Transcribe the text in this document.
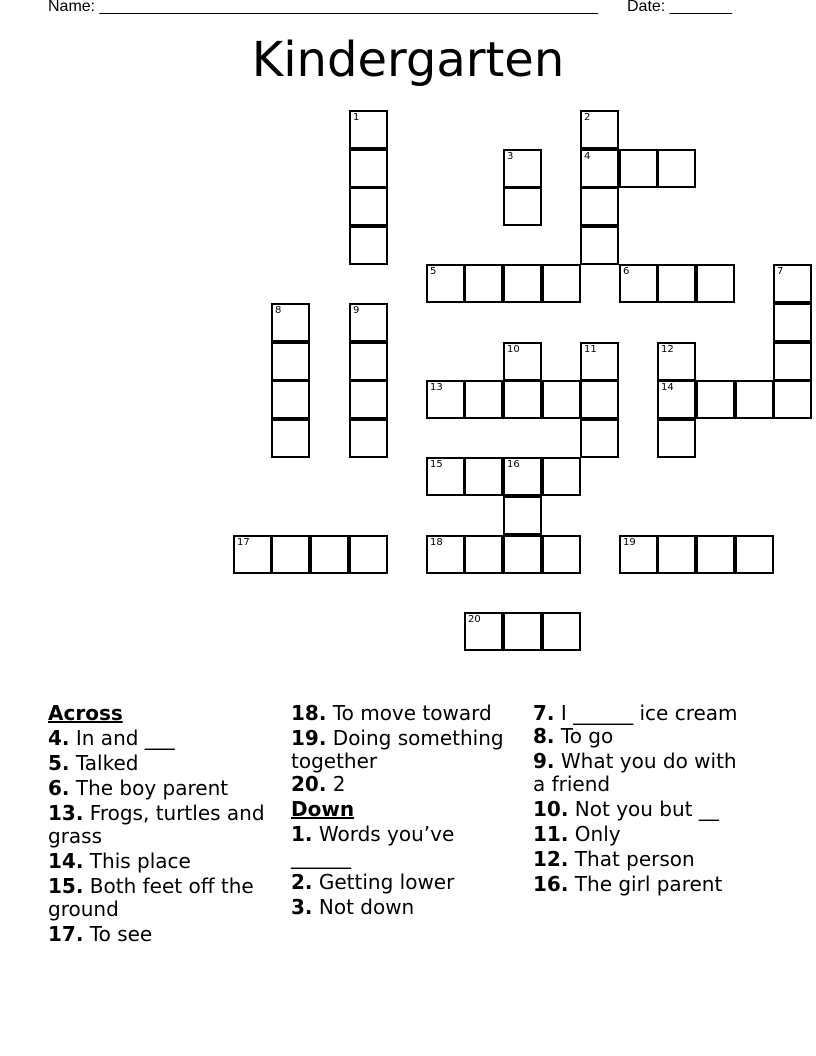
Name: ________________________________________________________ Date: _______
Kindergarten
1	2
4
3
5	6	7
8	9
10	11	12
13	14
15	16
17	18	19
20
Across
4. In and ___
5. Talked
6. The boy parent
13. Frogs, turtles and grass
14. This place
15. Both feet off the ground
17. To see
18. To move toward
19. Doing something together
20. 2
Down
1. Words you’ve ______
2. Getting lower
3. Not down
7. I ______ ice cream
8. To go
9. What you do with a friend
10. Not you but __
11. Only
12. That person
16. The girl parent
